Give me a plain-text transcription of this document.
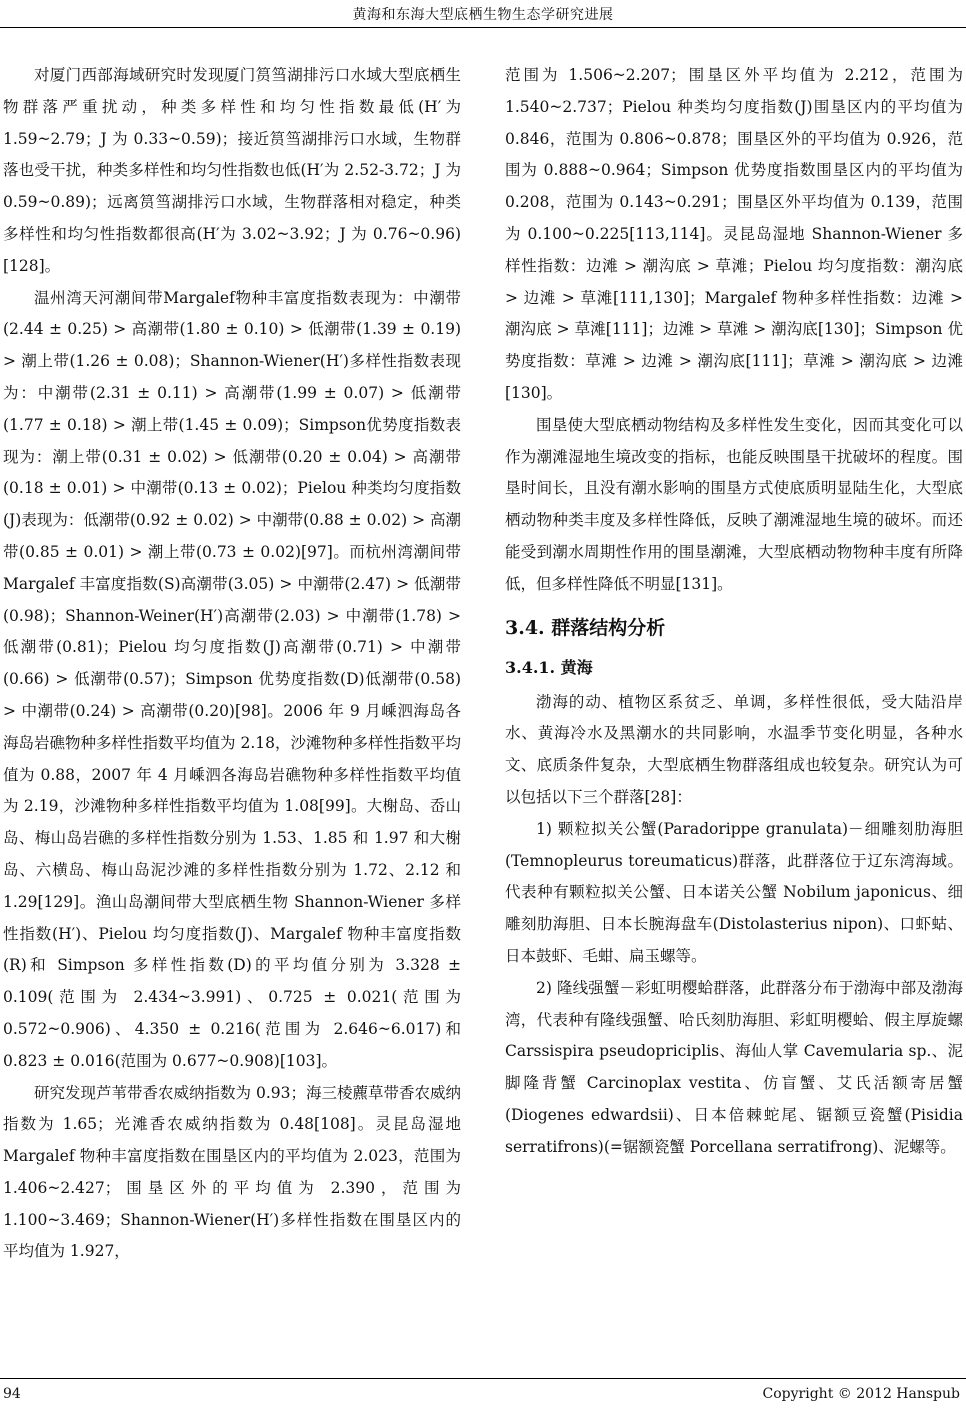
黄海和东海大型底栖生物生态学研究进展

对厦门西部海域研究时发现厦门筼筜湖排污口水域大型底栖生物群落严重扰动，种类多样性和均匀性指数最低(H′为 1.59~2.79；J 为 0.33~0.59)；接近筼筜湖排污口水域，生物群落也受干扰，种类多样性和均匀性指数也低(H′为 2.52-3.72；J 为 0.59~0.89)；远离筼筜湖排污口水域，生物群落相对稳定，种类多样性和均匀性指数都很高(H′为 3.02~3.92；J 为 0.76~0.96)[128]。

温州湾天河潮间带Margalef物种丰富度指数表现为：中潮带(2.44 ± 0.25) > 高潮带(1.80 ± 0.10) > 低潮带(1.39 ± 0.19) > 潮上带(1.26 ± 0.08)；Shannon-Wiener(H′)多样性指数表现为：中潮带(2.31 ± 0.11) > 高潮带(1.99 ± 0.07) > 低潮带(1.77 ± 0.18) > 潮上带(1.45 ± 0.09)；Simpson优势度指数表现为：潮上带(0.31 ± 0.02) > 低潮带(0.20 ± 0.04) > 高潮带(0.18 ± 0.01) > 中潮带(0.13 ± 0.02)；Pielou 种类均匀度指数(J)表现为：低潮带(0.92 ± 0.02) > 中潮带(0.88 ± 0.02) > 高潮带(0.85 ± 0.01) > 潮上带(0.73 ± 0.02)[97]。而杭州湾潮间带 Margalef 丰富度指数(S)高潮带(3.05) > 中潮带(2.47) > 低潮带(0.98)；Shannon-Weiner(H′)高潮带(2.03) > 中潮带(1.78) > 低潮带(0.81)；Pielou 均匀度指数(J)高潮带(0.71) > 中潮带(0.66) > 低潮带(0.57)；Simpson 优势度指数(D)低潮带(0.58) > 中潮带(0.24) > 高潮带(0.20)[98]。2006 年 9 月嵊泗海岛各海岛岩礁物种多样性指数平均值为 2.18，沙滩物种多样性指数平均值为 0.88，2007 年 4 月嵊泗各海岛岩礁物种多样性指数平均值为 2.19，沙滩物种多样性指数平均值为 1.08[99]。大榭岛、岙山岛、梅山岛岩礁的多样性指数分别为 1.53、1.85 和 1.97 和大榭岛、六横岛、梅山岛泥沙滩的多样性指数分别为 1.72、2.12 和 1.29[129]。渔山岛潮间带大型底栖生物 Shannon-Wiener 多样性指数(H′)、Pielou 均匀度指数(J)、Margalef 物种丰富度指数(R)和 Simpson 多样性指数(D)的平均值分别为 3.328 ± 0.109(范围为 2.434~3.991)、0.725 ± 0.021(范围为 0.572~0.906)、4.350 ± 0.216(范围为 2.646~6.017)和 0.823 ± 0.016(范围为 0.677~0.908)[103]。

研究发现芦苇带香农威纳指数为 0.93；海三棱藨草带香农威纳指数为 1.65；光滩香农威纳指数为 0.48[108]。灵昆岛湿地 Margalef 物种丰富度指数在围垦区内的平均值为 2.023，范围为 1.406~2.427；围垦区外的平均值为 2.390，范围为 1.100~3.469；Shannon-Wiener(H′)多样性指数在围垦区内的平均值为 1.927，

范围为 1.506~2.207；围垦区外平均值为 2.212，范围为 1.540~2.737；Pielou 种类均匀度指数(J)围垦区内的平均值为 0.846，范围为 0.806~0.878；围垦区外的平均值为 0.926，范围为 0.888~0.964；Simpson 优势度指数围垦区内的平均值为 0.208，范围为 0.143~0.291；围垦区外平均值为 0.139，范围为 0.100~0.225[113,114]。灵昆岛湿地 Shannon-Wiener 多样性指数：边滩 > 潮沟底 > 草滩；Pielou 均匀度指数：潮沟底 > 边滩 > 草滩[111,130]；Margalef 物种多样性指数：边滩 > 潮沟底 > 草滩[111]；边滩 > 草滩 > 潮沟底[130]；Simpson 优势度指数：草滩 > 边滩 > 潮沟底[111]；草滩 > 潮沟底 > 边滩[130]。

围垦使大型底栖动物结构及多样性发生变化，因而其变化可以作为潮滩湿地生境改变的指标，也能反映围垦干扰破坏的程度。围垦时间长，且没有潮水影响的围垦方式使底质明显陆生化，大型底栖动物种类丰度及多样性降低，反映了潮滩湿地生境的破坏。而还能受到潮水周期性作用的围垦潮滩，大型底栖动物物种丰度有所降低，但多样性降低不明显[131]。

3.4. 群落结构分析
3.4.1. 黄海

渤海的动、植物区系贫乏、单调，多样性很低，受大陆沿岸水、黄海冷水及黑潮水的共同影响，水温季节变化明显，各种水文、底质条件复杂，大型底栖生物群落组成也较复杂。研究认为可以包括以下三个群落[28]：

1) 颗粒拟关公蟹(Paradorippe granulata)－细雕刻肋海胆(Temnopleurus toreumaticus)群落，此群落位于辽东湾海域。代表种有颗粒拟关公蟹、日本诺关公蟹 Nobilum japonicus、细雕刻肋海胆、日本长腕海盘车(Distolasterius nipon)、口虾蛄、日本鼓虾、毛蚶、扁玉螺等。

2) 隆线强蟹－彩虹明樱蛤群落，此群落分布于渤海中部及渤海湾，代表种有隆线强蟹、哈氏刻肋海胆、彩虹明樱蛤、假主厚旋螺 Carssispira pseudopriciplis、海仙人掌 Cavemularia sp.、泥脚隆背蟹 Carcinoplax vestita、仿盲蟹、艾氏活额寄居蟹(Diogenes edwardsii)、日本倍棘蛇尾、锯额豆瓷蟹(Pisidia serratifrons)(=锯额瓷蟹 Porcellana serratifrong)、泥螺等。

94	Copyright © 2012 Hanspub
